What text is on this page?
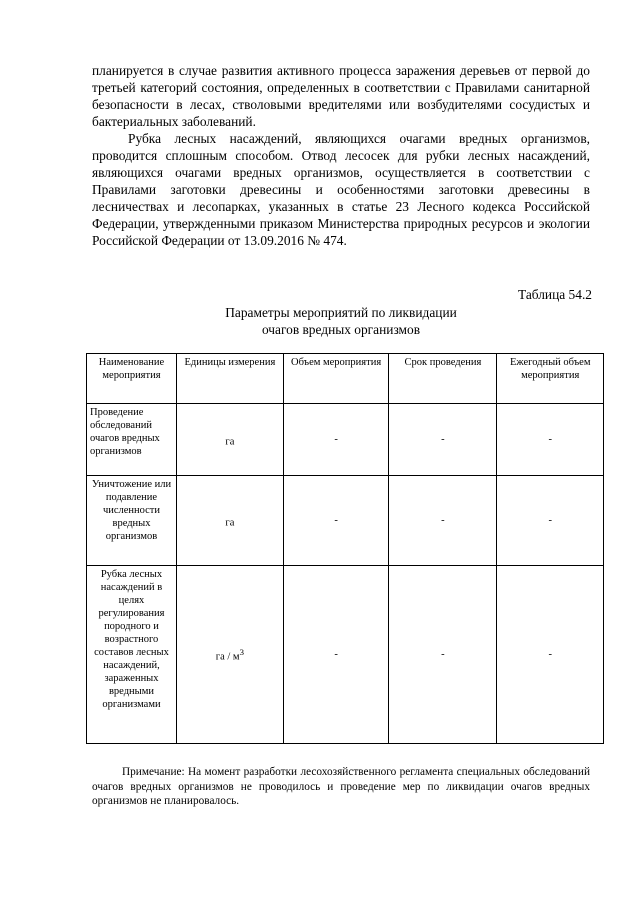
планируется в случае развития активного процесса заражения деревьев от первой до третьей категорий состояния, определенных в соответствии с Правилами санитарной безопасности в лесах, стволовыми вредителями или возбудителями сосудистых и бактериальных заболеваний.

Рубка лесных насаждений, являющихся очагами вредных организмов, проводится сплошным способом. Отвод лесосек для рубки лесных насаждений, являющихся очагами вредных организмов, осуществляется в соответствии с Правилами заготовки древесины и особенностями заготовки древесины в лесничествах и лесопарках, указанных в статье 23 Лесного кодекса Российской Федерации, утвержденными приказом Министерства природных ресурсов и экологии Российской Федерации от 13.09.2016 № 474.

Таблица 54.2
Параметры мероприятий по ликвидации
очагов вредных организмов
Наименование мероприятия	Единицы измерения	Объем мероприятия	Срок проведения	Ежегодный объем мероприятия
Проведение обследований очагов вредных организмов	га	-	-	-
Уничтожение или подавление численности вредных организмов	га	-	-	-
Рубка лесных насаждений в целях регулирования породного и возрастного составов лесных насаждений, зараженных вредными организмами	га / $м^3$	-	-	-

Примечание: На момент разработки лесохозяйственного регламента специальных обследований очагов вредных организмов не проводилось и проведение мер по ликвидации очагов вредных организмов не планировалось.
